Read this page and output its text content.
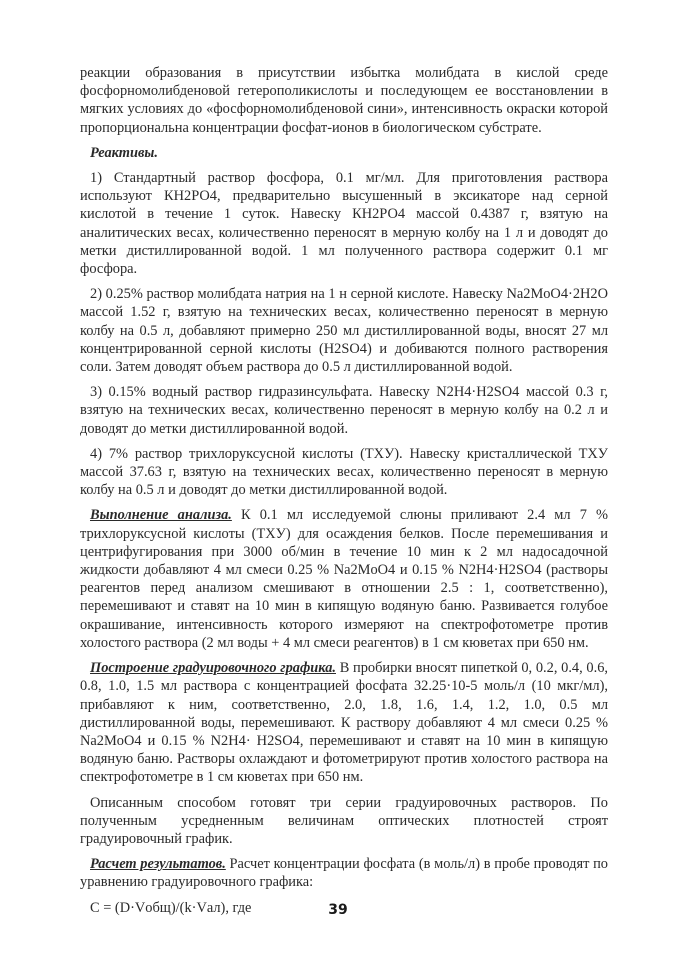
реакции образования в присутствии избытка молибдата в кислой среде фосфорномолибденовой гетерополикислоты и последующем ее восстановлении в мягких условиях до «фосфорномолибденовой сини», интенсивность окраски которой пропорциональна концентрации фосфат-ионов в биологическом субстрате.

Реактивы.

1) Стандартный раствор фосфора, 0.1 мг/мл. Для приготовления раствора используют КН2РО4, предварительно высушенный в эксикаторе над серной кислотой в течение 1 суток. Навеску КН2РО4 массой 0.4387 г, взятую на аналитических весах, количественно переносят в мерную колбу на 1 л и доводят до метки дистиллированной водой. 1 мл полученного раствора содержит 0.1 мг фосфора.

2) 0.25% раствор молибдата натрия на 1 н серной кислоте. Навеску Na2MoO4·2H2O массой 1.52 г, взятую на технических весах, количественно переносят в мерную колбу на 0.5 л, добавляют примерно 250 мл дистиллированной воды, вносят 27 мл концентрированной серной кислоты (H2SO4) и добиваются полного растворения соли. Затем доводят объем раствора до 0.5 л дистиллированной водой.

3) 0.15% водный раствор гидразинсульфата. Навеску N2H4·H2SO4 массой 0.3 г, взятую на технических весах, количественно переносят в мерную колбу на 0.2 л и доводят до метки дистиллированной водой.

4) 7% раствор трихлоруксусной кислоты (ТХУ). Навеску кристаллической ТХУ массой 37.63 г, взятую на технических весах, количественно переносят в мерную колбу на 0.5 л и доводят до метки дистиллированной водой.

Выполнение анализа. К 0.1 мл исследуемой слюны приливают 2.4 мл 7 % трихлоруксусной кислоты (ТХУ) для осаждения белков. После перемешивания и центрифугирования при 3000 об/мин в течение 10 мин к 2 мл надосадочной жидкости добавляют 4 мл смеси 0.25 % Na2MoO4 и 0.15 % N2H4·H2SO4 (растворы реагентов перед анализом смешивают в отношении 2.5 : 1, соответственно), перемешивают и ставят на 10 мин в кипящую водяную баню. Развивается голубое окрашивание, интенсивность которого измеряют на спектрофотометре против холостого раствора (2 мл воды + 4 мл смеси реагентов) в 1 см кюветах при 650 нм.

Построение градуировочного графика. В пробирки вносят пипеткой 0, 0.2, 0.4, 0.6, 0.8, 1.0, 1.5 мл раствора с концентрацией фосфата 32.25·10-5 моль/л (10 мкг/мл), прибавляют к ним, соответственно, 2.0, 1.8, 1.6, 1.4, 1.2, 1.0, 0.5 мл дистиллированной воды, перемешивают. К раствору добавляют 4 мл смеси 0.25 % Na2MoO4 и 0.15 % N2H4· H2SO4, перемешивают и ставят на 10 мин в кипящую водяную баню. Растворы охлаждают и фотометрируют против холостого раствора на спектрофотометре в 1 см кюветах при 650 нм.

Описанным способом готовят три серии градуировочных растворов. По полученным усредненным величинам оптических плотностей строят градуировочный график.

Расчет результатов. Расчет концентрации фосфата (в моль/л) в пробе проводят по уравнению градуировочного графика:

С = (D·Vобщ)/(k·Vал), где	39
